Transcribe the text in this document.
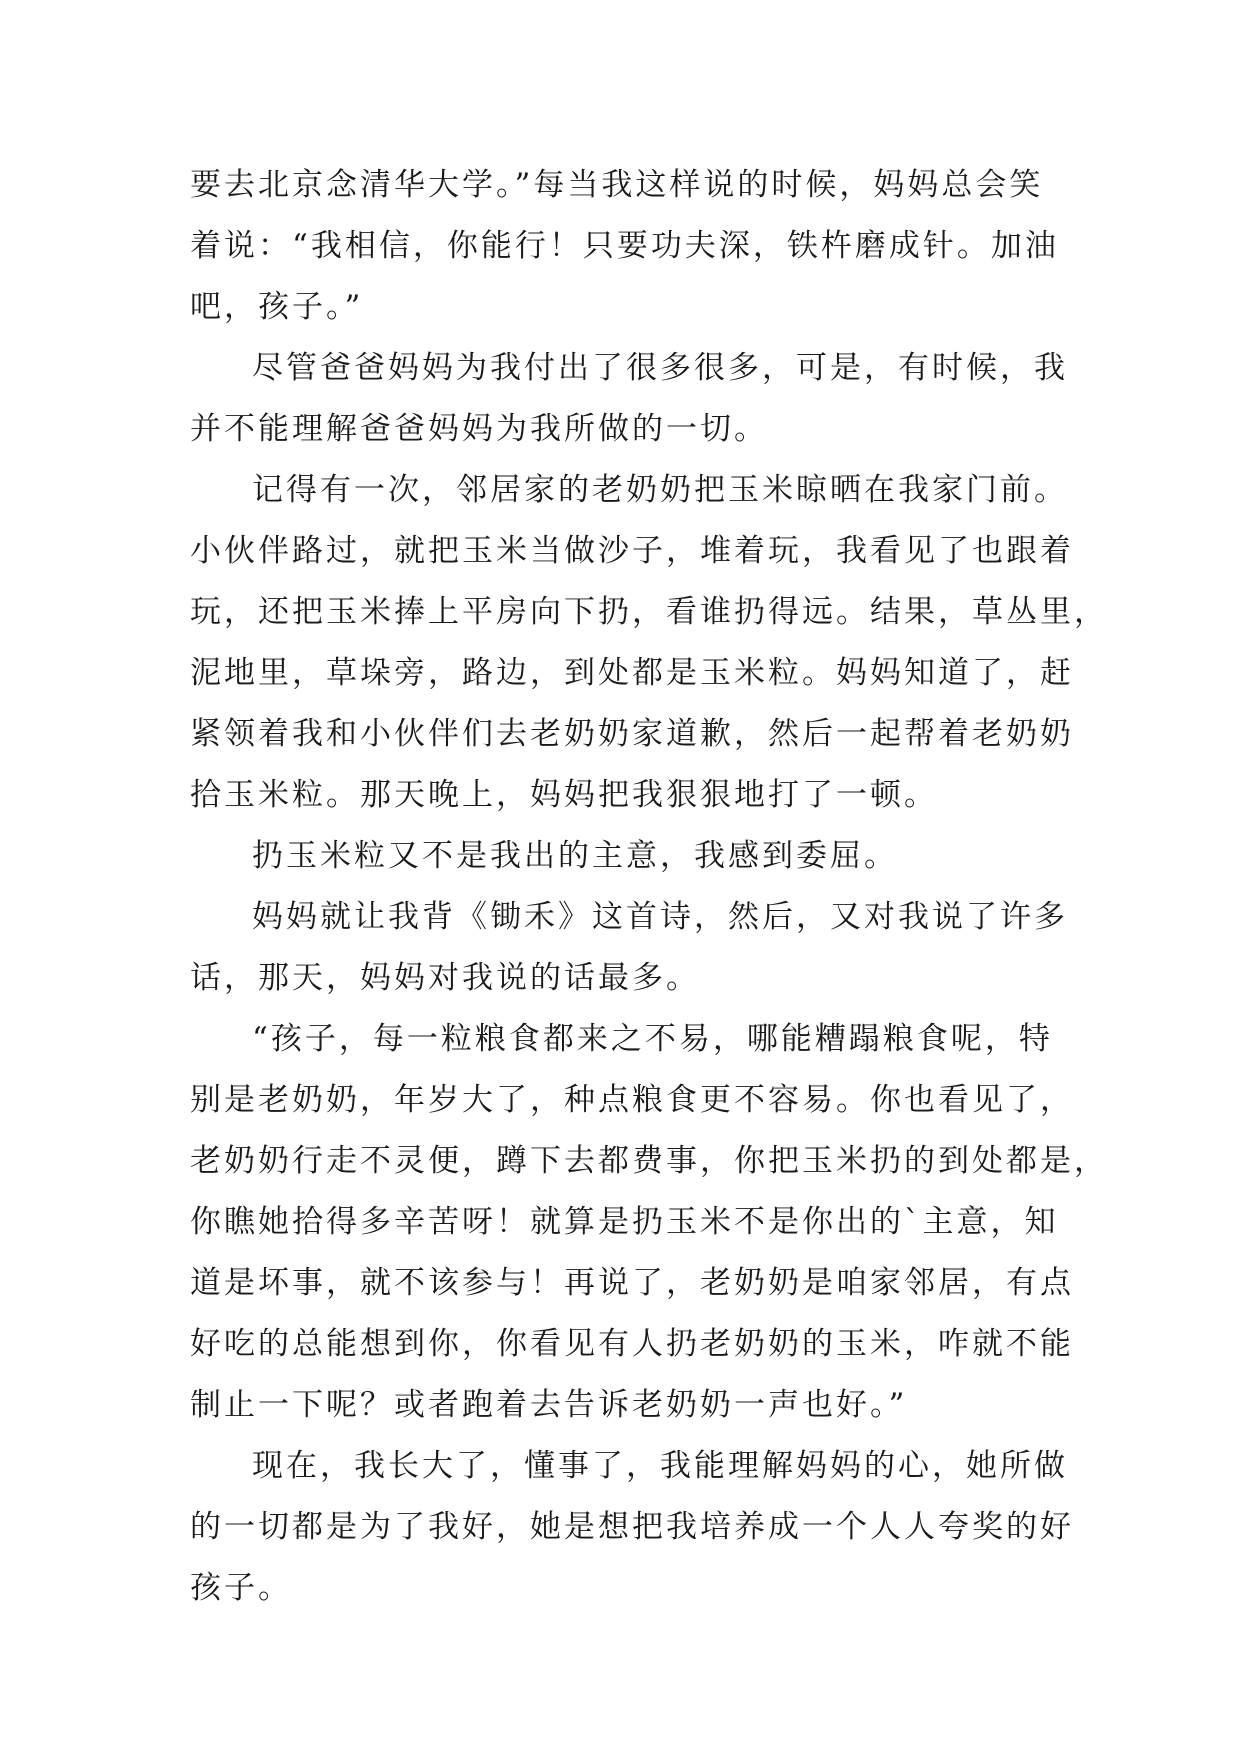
要去北京念清华大学。”每当我这样说的时候，妈妈总会笑
着说：“我相信，你能行！只要功夫深，铁杵磨成针。加油
吧，孩子。”
尽管爸爸妈妈为我付出了很多很多，可是，有时候，我
并不能理解爸爸妈妈为我所做的一切。
记得有一次，邻居家的老奶奶把玉米晾晒在我家门前。
小伙伴路过，就把玉米当做沙子，堆着玩，我看见了也跟着
玩，还把玉米捧上平房向下扔，看谁扔得远。结果，草丛里，
泥地里，草垛旁，路边，到处都是玉米粒。妈妈知道了，赶
紧领着我和小伙伴们去老奶奶家道歉，然后一起帮着老奶奶
拾玉米粒。那天晚上，妈妈把我狠狠地打了一顿。
扔玉米粒又不是我出的主意，我感到委屈。
妈妈就让我背《锄禾》这首诗，然后，又对我说了许多
话，那天，妈妈对我说的话最多。
“孩子，每一粒粮食都来之不易，哪能糟蹋粮食呢，特
别是老奶奶，年岁大了，种点粮食更不容易。你也看见了，
老奶奶行走不灵便，蹲下去都费事，你把玉米扔的到处都是，
你瞧她拾得多辛苦呀！就算是扔玉米不是你出的`主意，知
道是坏事，就不该参与！再说了，老奶奶是咱家邻居，有点
好吃的总能想到你，你看见有人扔老奶奶的玉米，咋就不能
制止一下呢？或者跑着去告诉老奶奶一声也好。”
现在，我长大了，懂事了，我能理解妈妈的心，她所做
的一切都是为了我好，她是想把我培养成一个人人夸奖的好
孩子。
